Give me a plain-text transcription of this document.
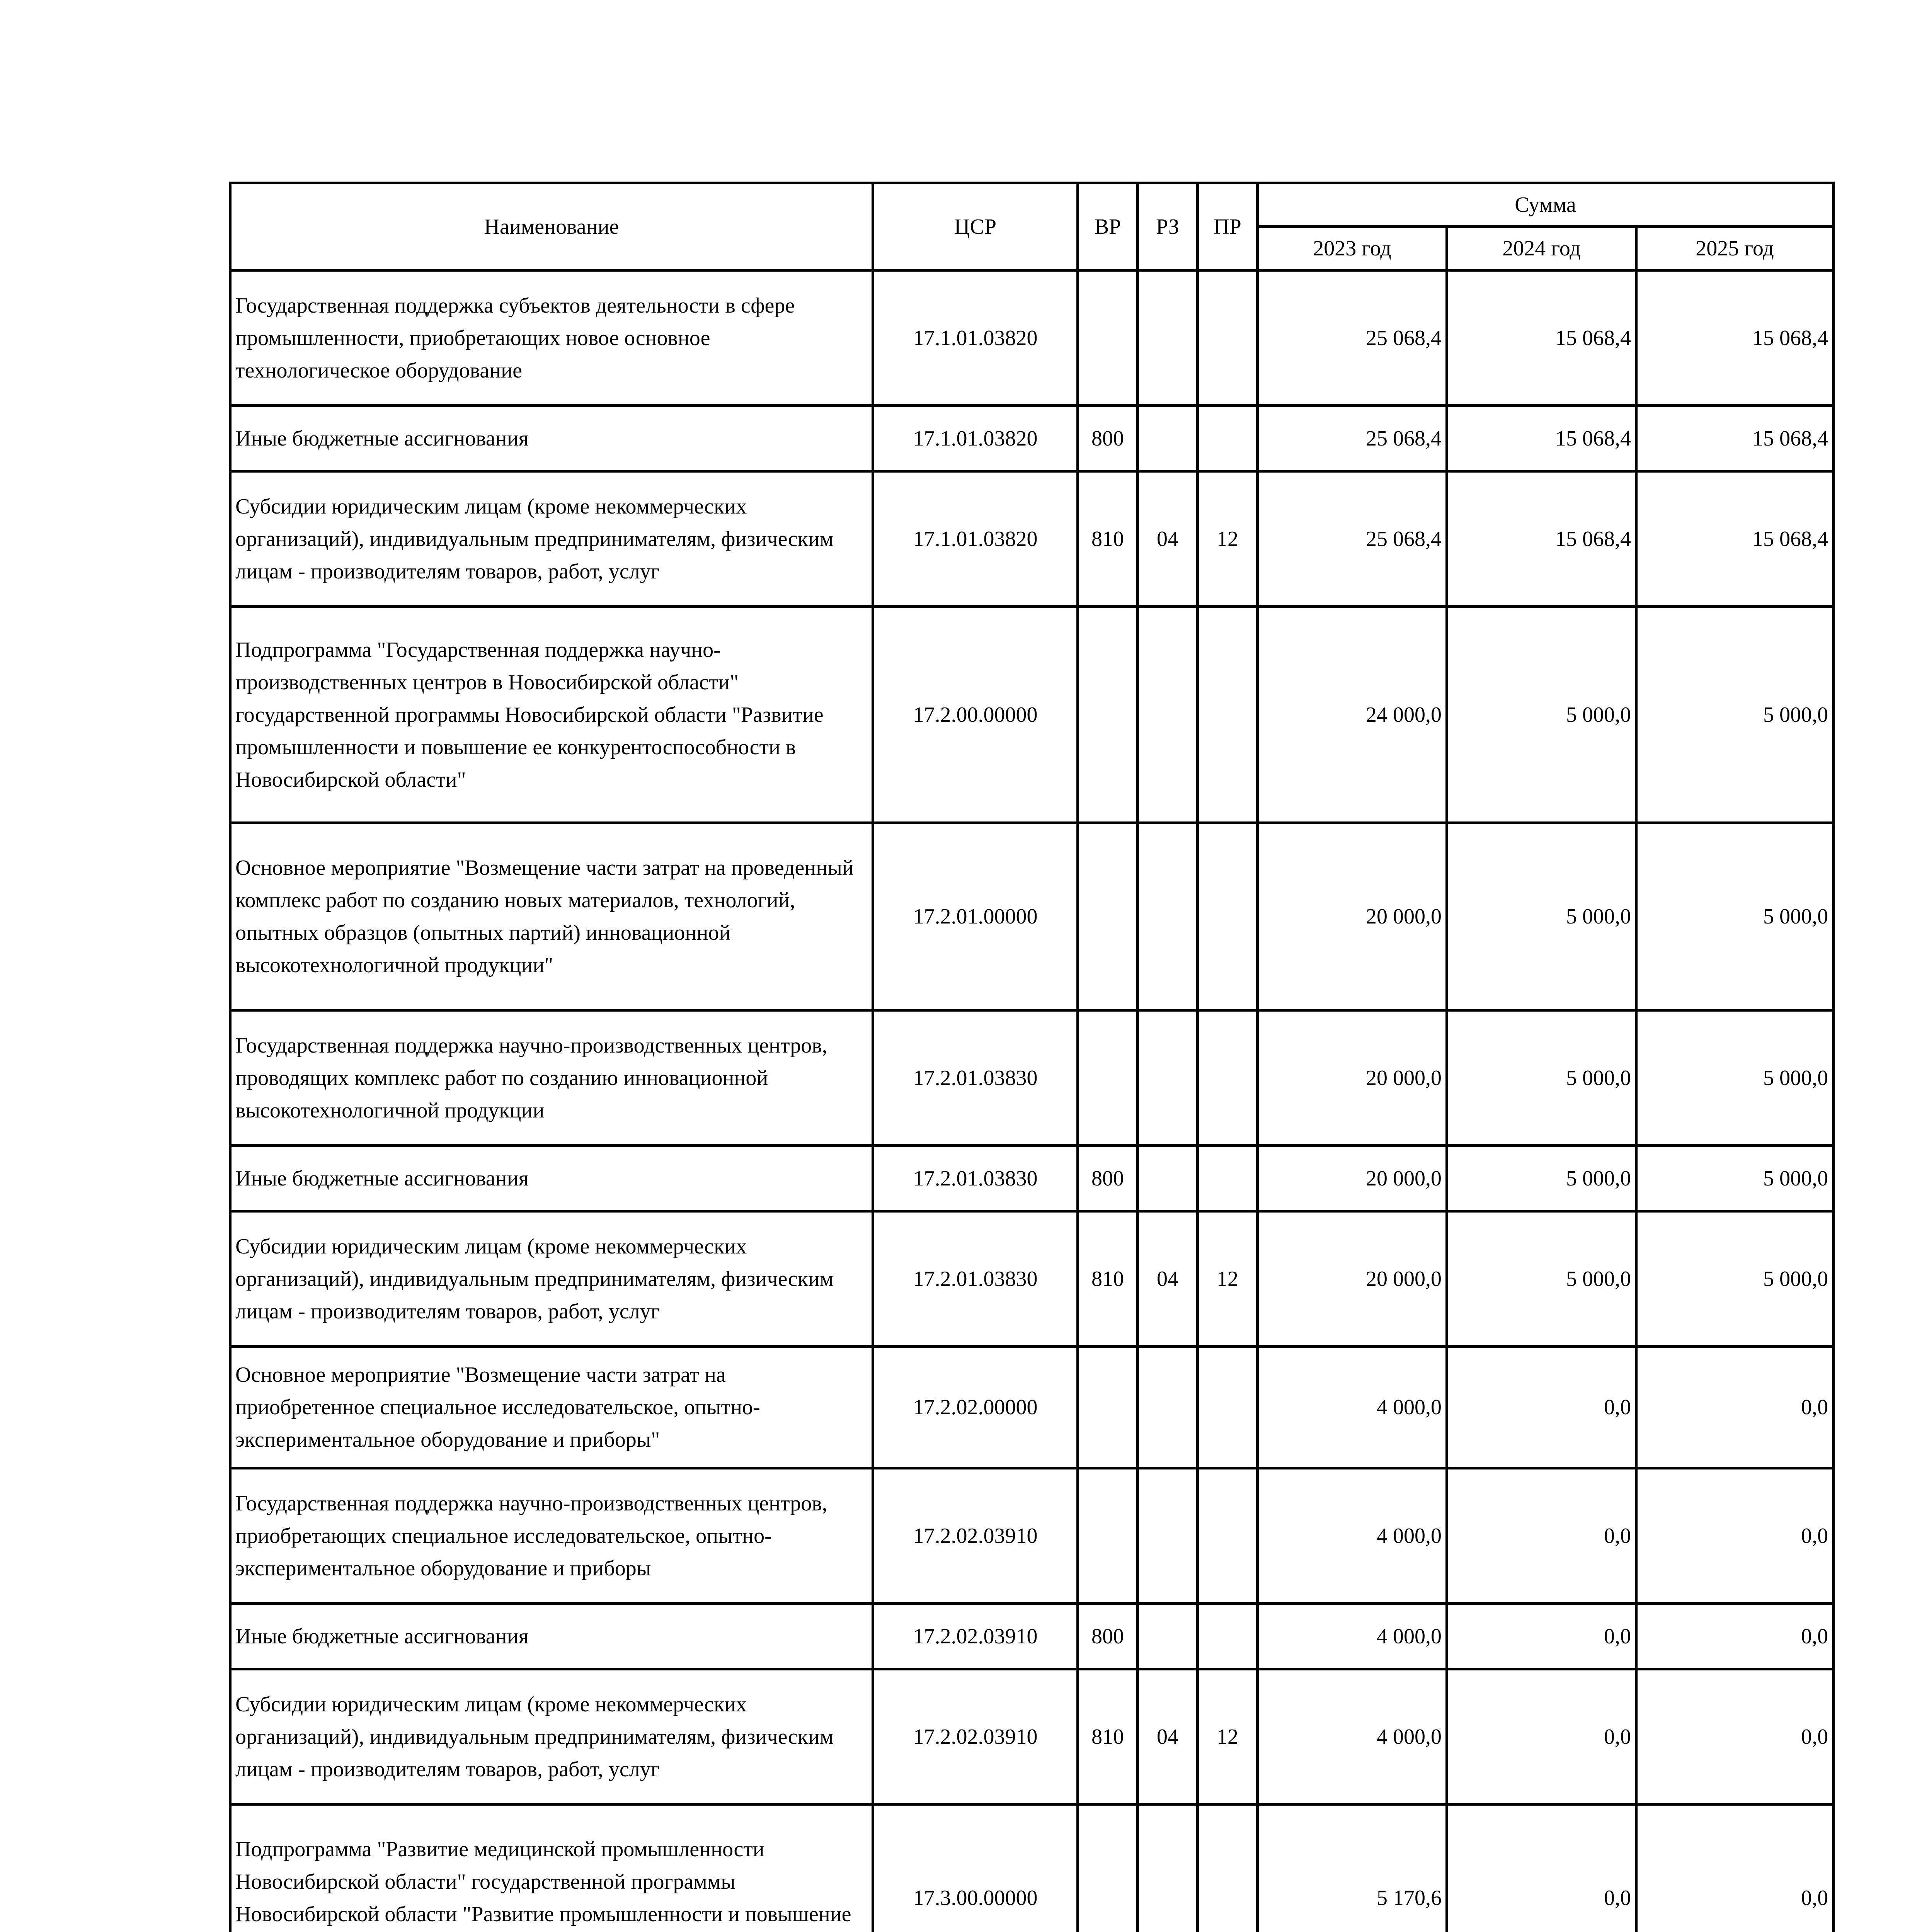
Наименование	ЦСР	ВР	РЗ	ПР	Сумма		
					2023 год	2024 год	2025 год
Государственная поддержка субъектов деятельности в сфере промышленности, приобретающих новое основное технологическое оборудование	17.1.01.03820				25 068,4	15 068,4	15 068,4
Иные бюджетные ассигнования	17.1.01.03820	800			25 068,4	15 068,4	15 068,4
Субсидии юридическим лицам (кроме некоммерческих организаций), индивидуальным предпринимателям, физическим лицам - производителям товаров, работ, услуг	17.1.01.03820	810	04	12	25 068,4	15 068,4	15 068,4
Подпрограмма "Государственная поддержка научно-производственных центров в Новосибирской области" государственной программы Новосибирской области "Развитие промышленности и повышение ее конкурентоспособности в Новосибирской области"	17.2.00.00000				24 000,0	5 000,0	5 000,0
Основное мероприятие "Возмещение части затрат на проведенный комплекс работ по созданию новых материалов, технологий, опытных образцов (опытных партий) инновационной высокотехнологичной продукции"	17.2.01.00000				20 000,0	5 000,0	5 000,0
Государственная поддержка научно-производственных центров, проводящих комплекс работ по созданию инновационной высокотехнологичной продукции	17.2.01.03830				20 000,0	5 000,0	5 000,0
Иные бюджетные ассигнования	17.2.01.03830	800			20 000,0	5 000,0	5 000,0
Субсидии юридическим лицам (кроме некоммерческих организаций), индивидуальным предпринимателям, физическим лицам - производителям товаров, работ, услуг	17.2.01.03830	810	04	12	20 000,0	5 000,0	5 000,0
Основное мероприятие "Возмещение части затрат на приобретенное специальное исследовательское, опытно-экспериментальное оборудование и приборы"	17.2.02.00000				4 000,0	0,0	0,0
Государственная поддержка научно-производственных центров, приобретающих специальное исследовательское, опытно-экспериментальное оборудование и приборы	17.2.02.03910				4 000,0	0,0	0,0
Иные бюджетные ассигнования	17.2.02.03910	800			4 000,0	0,0	0,0
Субсидии юридическим лицам (кроме некоммерческих организаций), индивидуальным предпринимателям, физическим лицам - производителям товаров, работ, услуг	17.2.02.03910	810	04	12	4 000,0	0,0	0,0
Подпрограмма "Развитие медицинской промышленности Новосибирской области" государственной программы Новосибирской области "Развитие промышленности и повышение	17.3.00.00000				5 170,6	0,0	0,0
